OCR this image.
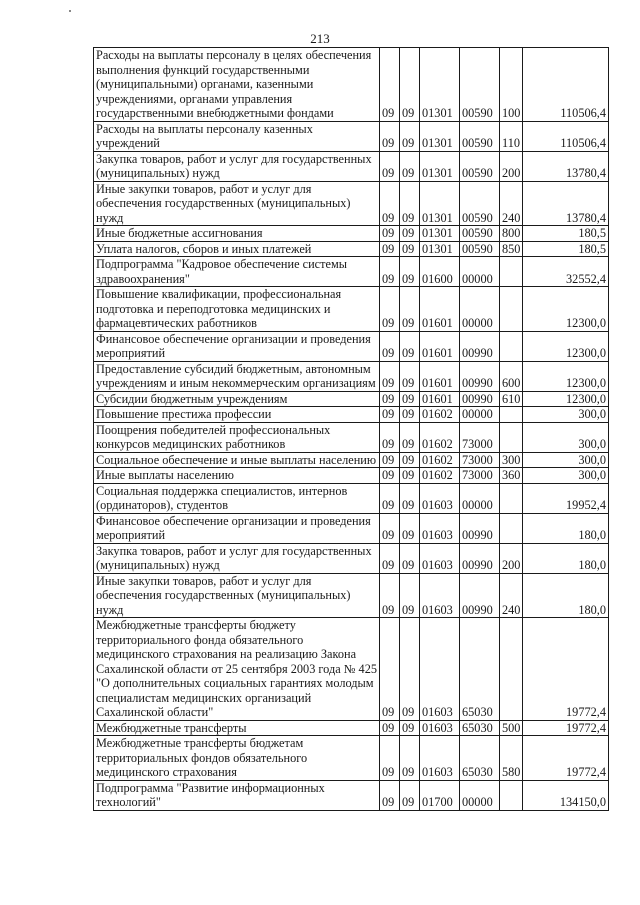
213
Расходы на выплаты персоналу в целях обеспечения выполнения функций государственными (муниципальными) органами, казенными учреждениями, органами управления государственными внебюджетными фондами	09	09	01301	00590	100	110506,4
Расходы на выплаты персоналу казенных учреждений	09	09	01301	00590	110	110506,4
Закупка товаров, работ и услуг для государственных (муниципальных) нужд	09	09	01301	00590	200	13780,4
Иные закупки товаров, работ и услуг для обеспечения государственных (муниципальных) нужд	09	09	01301	00590	240	13780,4
Иные бюджетные ассигнования	09	09	01301	00590	800	180,5
Уплата налогов, сборов и иных платежей	09	09	01301	00590	850	180,5
Подпрограмма "Кадровое обеспечение системы здравоохранения"	09	09	01600	00000		32552,4
Повышение квалификации, профессиональная подготовка и переподготовка медицинских и фармацевтических работников	09	09	01601	00000		12300,0
Финансовое обеспечение организации и проведения мероприятий	09	09	01601	00990		12300,0
Предоставление субсидий бюджетным, автономным учреждениям и иным некоммерческим организациям	09	09	01601	00990	600	12300,0
Субсидии бюджетным учреждениям	09	09	01601	00990	610	12300,0
Повышение престижа профессии	09	09	01602	00000		300,0
Поощрения победителей профессиональных конкурсов медицинских работников	09	09	01602	73000		300,0
Социальное обеспечение и иные выплаты населению	09	09	01602	73000	300	300,0
Иные выплаты населению	09	09	01602	73000	360	300,0
Социальная поддержка специалистов, интернов (ординаторов), студентов	09	09	01603	00000		19952,4
Финансовое обеспечение организации и проведения мероприятий	09	09	01603	00990		180,0
Закупка товаров, работ и услуг для государственных (муниципальных) нужд	09	09	01603	00990	200	180,0
Иные закупки товаров, работ и услуг для обеспечения государственных (муниципальных) нужд	09	09	01603	00990	240	180,0
Межбюджетные трансферты бюджету территориального фонда обязательного медицинского страхования на реализацию Закона Сахалинской области от 25 сентября 2003 года № 425 "О дополнительных социальных гарантиях молодым специалистам медицинских организаций Сахалинской области"	09	09	01603	65030		19772,4
Межбюджетные трансферты	09	09	01603	65030	500	19772,4
Межбюджетные трансферты бюджетам территориальных фондов обязательного медицинского страхования	09	09	01603	65030	580	19772,4
Подпрограмма "Развитие информационных технологий"	09	09	01700	00000		134150,0
